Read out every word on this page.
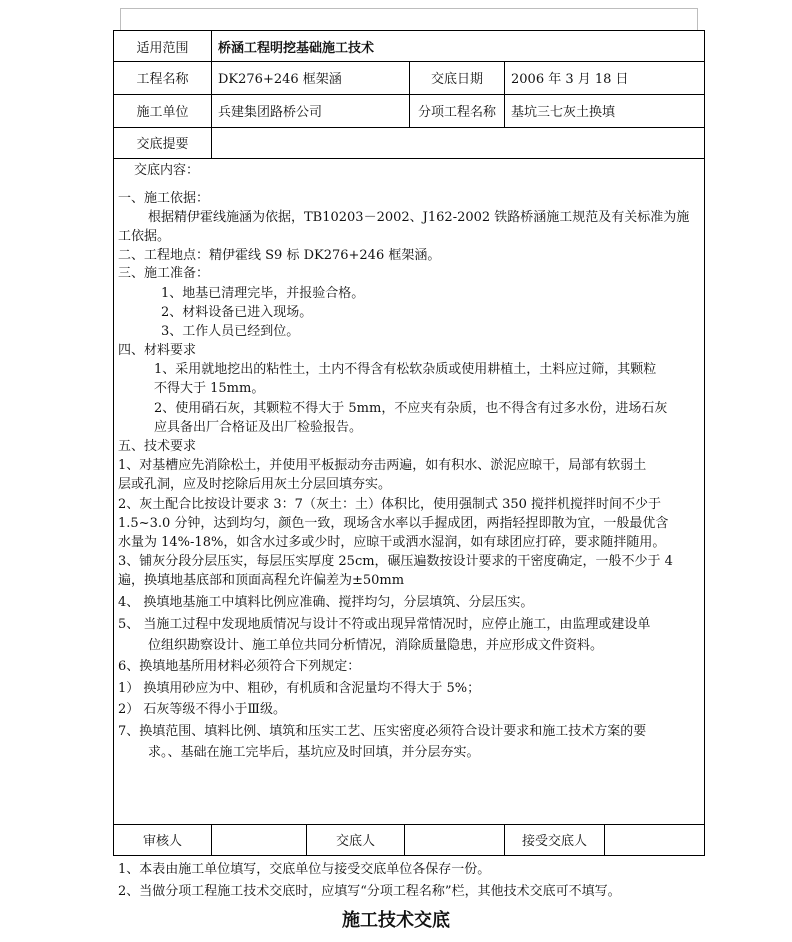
适用范围	桥涵工程明挖基础施工技术
工程名称	DK276+246 框架涵	交底日期	2006 年 3 月 18 日
施工单位	兵建集团路桥公司	分项工程名称	基坑三七灰土换填
交底提要
交底内容：
一、施工依据：
根据精伊霍线施涵为依据，TB10203－2002、J162-2002 铁路桥涵施工规范及有关标准为施
工依据。
二、工程地点：精伊霍线 S9 标 DK276+246 框架涵。
三、施工准备：
1、地基已清理完毕，并报验合格。
2、材料设备已进入现场。
3、工作人员已经到位。
四、材料要求
1、采用就地挖出的粘性土，土内不得含有松软杂质或使用耕植土，土料应过筛，其颗粒
不得大于 15mm。
2、使用硝石灰，其颗粒不得大于 5mm，不应夹有杂质，也不得含有过多水份，进场石灰
应具备出厂合格证及出厂检验报告。
五、技术要求
1、对基槽应先消除松土，并使用平板振动夯击两遍，如有积水、淤泥应晾干，局部有软弱土
层或孔洞，应及时挖除后用灰土分层回填夯实。
2、灰土配合比按设计要求 3：7（灰土：土）体积比，使用强制式 350 搅拌机搅拌时间不少于
1.5~3.0 分钟，达到均匀，颜色一致，现场含水率以手握成团，两指轻捏即散为宜，一般最优含
水量为 14%-18%，如含水过多或少时，应晾干或洒水湿润，如有球团应打碎，要求随拌随用。
3、铺灰分段分层压实，每层压实厚度 25cm，碾压遍数按设计要求的干密度确定，一般不少于 4
遍，换填地基底部和顶面高程允许偏差为±50mm
4、 换填地基施工中填料比例应准确、搅拌均匀，分层填筑、分层压实。
5、 当施工过程中发现地质情况与设计不符或出现异常情况时，应停止施工，由监理或建设单
位组织勘察设计、施工单位共同分析情况，消除质量隐患，并应形成文件资料。
6、换填地基所用材料必须符合下列规定：
1） 换填用砂应为中、粗砂，有机质和含泥量均不得大于 5%；
2） 石灰等级不得小于Ⅲ级。
7、换填范围、填料比例、填筑和压实工艺、压实密度必须符合设计要求和施工技术方案的要
求。、基础在施工完毕后，基坑应及时回填，并分层夯实。
审核人	交底人	接受交底人
1、本表由施工单位填写，交底单位与接受交底单位各保存一份。
2、当做分项工程施工技术交底时，应填写“分项工程名称”栏，其他技术交底可不填写。
施工技术交底
